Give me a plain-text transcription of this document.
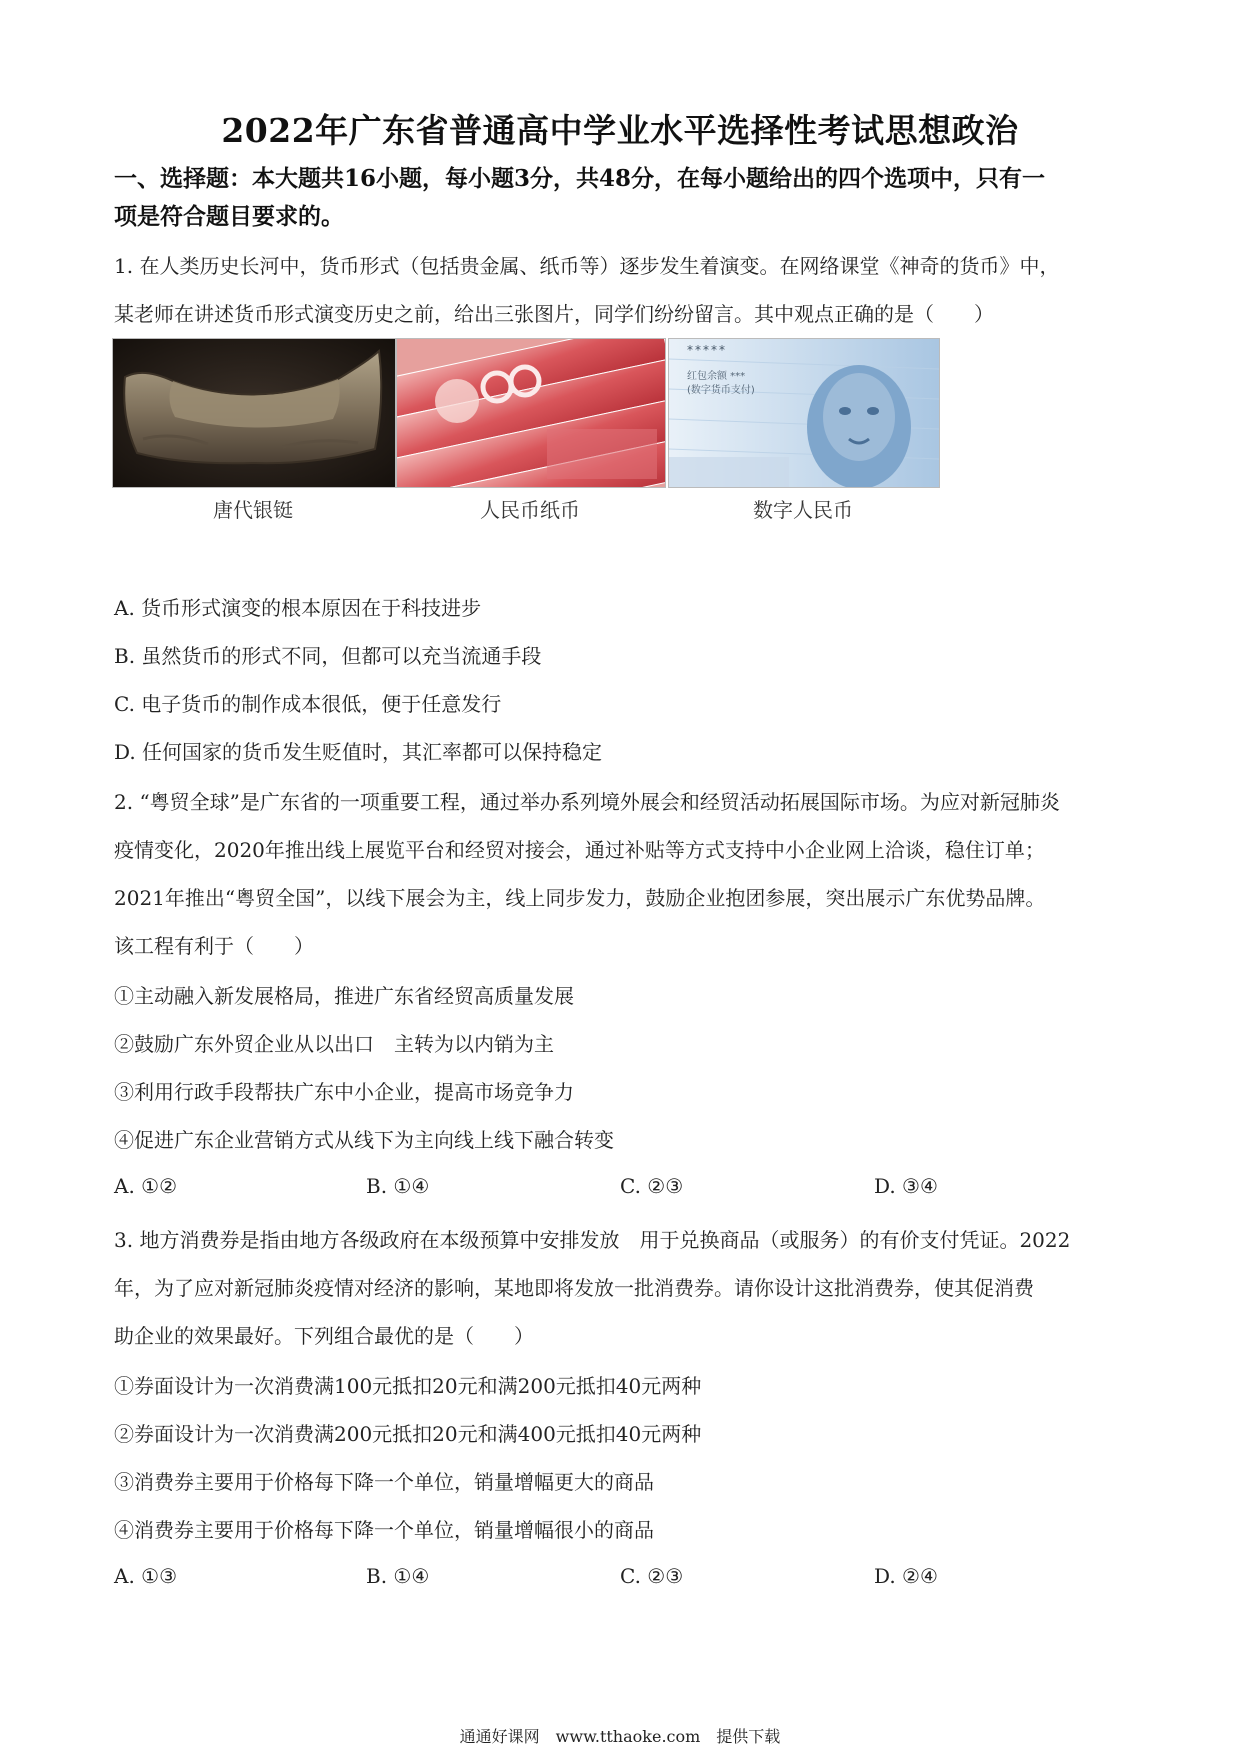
2022年广东省普通高中学业水平选择性考试思想政治
一、选择题：本大题共16小题，每小题3分，共48分，在每小题给出的四个选项中，只有一
项是符合题目要求的。
1. 在人类历史长河中，货币形式（包括贵金属、纸币等）逐步发生着演变。在网络课堂《神奇的货币》中，
某老师在讲述货币形式演变历史之前，给出三张图片，同学们纷纷留言。其中观点正确的是（　　）
*****
红包余额 ***
(数字货币支付)
唐代银铤	人民币纸币	数字人民币
A. 货币形式演变的根本原因在于科技进步
B. 虽然货币的形式不同，但都可以充当流通手段
C. 电子货币的制作成本很低，便于任意发行
D. 任何国家的货币发生贬值时，其汇率都可以保持稳定
2. “粤贸全球”是广东省的一项重要工程，通过举办系列境外展会和经贸活动拓展国际市场。为应对新冠肺炎
疫情变化，2020年推出线上展览平台和经贸对接会，通过补贴等方式支持中小企业网上洽谈，稳住订单；
2021年推出“粤贸全国”，以线下展会为主，线上同步发力，鼓励企业抱团参展，突出展示广东优势品牌。
该工程有利于（　　）
①主动融入新发展格局，推进广东省经贸高质量发展
②鼓励广东外贸企业从以出口　主转为以内销为主
③利用行政手段帮扶广东中小企业，提高市场竞争力
④促进广东企业营销方式从线下为主向线上线下融合转变
A. ①②	B. ①④	C. ②③	D. ③④
3. 地方消费券是指由地方各级政府在本级预算中安排发放　用于兑换商品（或服务）的有价支付凭证。2022
年，为了应对新冠肺炎疫情对经济的影响，某地即将发放一批消费券。请你设计这批消费券，使其促消费
助企业的效果最好。下列组合最优的是（　　）
①券面设计为一次消费满100元抵扣20元和满200元抵扣40元两种
②券面设计为一次消费满200元抵扣20元和满400元抵扣40元两种
③消费券主要用于价格每下降一个单位，销量增幅更大的商品
④消费券主要用于价格每下降一个单位，销量增幅很小的商品
A. ①③	B. ①④	C. ②③	D. ②④
通通好课网　www.tthaoke.com　提供下载
